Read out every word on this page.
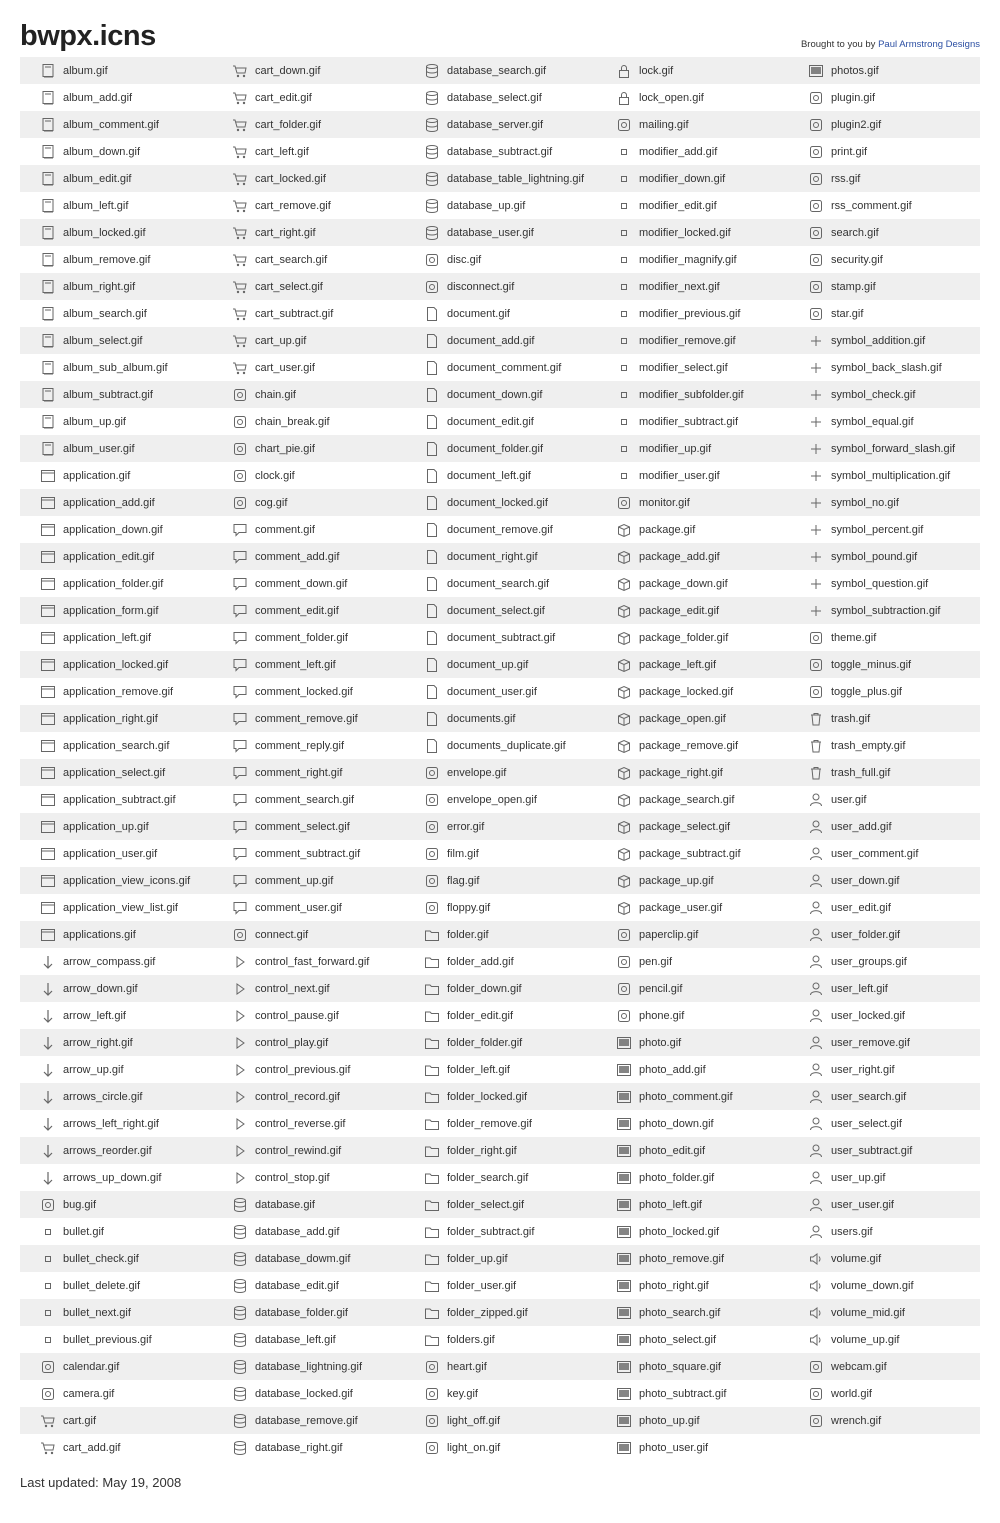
bwpx.icns	Brought to you by Paul Armstrong Designs
album.gif	cart_down.gif	database_search.gif	lock.gif	photos.gif
album_add.gif	cart_edit.gif	database_select.gif	lock_open.gif	plugin.gif
album_comment.gif	cart_folder.gif	database_server.gif	mailing.gif	plugin2.gif
album_down.gif	cart_left.gif	database_subtract.gif	modifier_add.gif	print.gif
album_edit.gif	cart_locked.gif	database_table_lightning.gif	modifier_down.gif	rss.gif
album_left.gif	cart_remove.gif	database_up.gif	modifier_edit.gif	rss_comment.gif
album_locked.gif	cart_right.gif	database_user.gif	modifier_locked.gif	search.gif
album_remove.gif	cart_search.gif	disc.gif	modifier_magnify.gif	security.gif
album_right.gif	cart_select.gif	disconnect.gif	modifier_next.gif	stamp.gif
album_search.gif	cart_subtract.gif	document.gif	modifier_previous.gif	star.gif
album_select.gif	cart_up.gif	document_add.gif	modifier_remove.gif	symbol_addition.gif
album_sub_album.gif	cart_user.gif	document_comment.gif	modifier_select.gif	symbol_back_slash.gif
album_subtract.gif	chain.gif	document_down.gif	modifier_subfolder.gif	symbol_check.gif
album_up.gif	chain_break.gif	document_edit.gif	modifier_subtract.gif	symbol_equal.gif
album_user.gif	chart_pie.gif	document_folder.gif	modifier_up.gif	symbol_forward_slash.gif
application.gif	clock.gif	document_left.gif	modifier_user.gif	symbol_multiplication.gif
application_add.gif	cog.gif	document_locked.gif	monitor.gif	symbol_no.gif
application_down.gif	comment.gif	document_remove.gif	package.gif	symbol_percent.gif
application_edit.gif	comment_add.gif	document_right.gif	package_add.gif	symbol_pound.gif
application_folder.gif	comment_down.gif	document_search.gif	package_down.gif	symbol_question.gif
application_form.gif	comment_edit.gif	document_select.gif	package_edit.gif	symbol_subtraction.gif
application_left.gif	comment_folder.gif	document_subtract.gif	package_folder.gif	theme.gif
application_locked.gif	comment_left.gif	document_up.gif	package_left.gif	toggle_minus.gif
application_remove.gif	comment_locked.gif	document_user.gif	package_locked.gif	toggle_plus.gif
application_right.gif	comment_remove.gif	documents.gif	package_open.gif	trash.gif
application_search.gif	comment_reply.gif	documents_duplicate.gif	package_remove.gif	trash_empty.gif
application_select.gif	comment_right.gif	envelope.gif	package_right.gif	trash_full.gif
application_subtract.gif	comment_search.gif	envelope_open.gif	package_search.gif	user.gif
application_up.gif	comment_select.gif	error.gif	package_select.gif	user_add.gif
application_user.gif	comment_subtract.gif	film.gif	package_subtract.gif	user_comment.gif
application_view_icons.gif	comment_up.gif	flag.gif	package_up.gif	user_down.gif
application_view_list.gif	comment_user.gif	floppy.gif	package_user.gif	user_edit.gif
applications.gif	connect.gif	folder.gif	paperclip.gif	user_folder.gif
arrow_compass.gif	control_fast_forward.gif	folder_add.gif	pen.gif	user_groups.gif
arrow_down.gif	control_next.gif	folder_down.gif	pencil.gif	user_left.gif
arrow_left.gif	control_pause.gif	folder_edit.gif	phone.gif	user_locked.gif
arrow_right.gif	control_play.gif	folder_folder.gif	photo.gif	user_remove.gif
arrow_up.gif	control_previous.gif	folder_left.gif	photo_add.gif	user_right.gif
arrows_circle.gif	control_record.gif	folder_locked.gif	photo_comment.gif	user_search.gif
arrows_left_right.gif	control_reverse.gif	folder_remove.gif	photo_down.gif	user_select.gif
arrows_reorder.gif	control_rewind.gif	folder_right.gif	photo_edit.gif	user_subtract.gif
arrows_up_down.gif	control_stop.gif	folder_search.gif	photo_folder.gif	user_up.gif
bug.gif	database.gif	folder_select.gif	photo_left.gif	user_user.gif
bullet.gif	database_add.gif	folder_subtract.gif	photo_locked.gif	users.gif
bullet_check.gif	database_dowm.gif	folder_up.gif	photo_remove.gif	volume.gif
bullet_delete.gif	database_edit.gif	folder_user.gif	photo_right.gif	volume_down.gif
bullet_next.gif	database_folder.gif	folder_zipped.gif	photo_search.gif	volume_mid.gif
bullet_previous.gif	database_left.gif	folders.gif	photo_select.gif	volume_up.gif
calendar.gif	database_lightning.gif	heart.gif	photo_square.gif	webcam.gif
camera.gif	database_locked.gif	key.gif	photo_subtract.gif	world.gif
cart.gif	database_remove.gif	light_off.gif	photo_up.gif	wrench.gif
cart_add.gif	database_right.gif	light_on.gif	photo_user.gif
Last updated: May 19, 2008
